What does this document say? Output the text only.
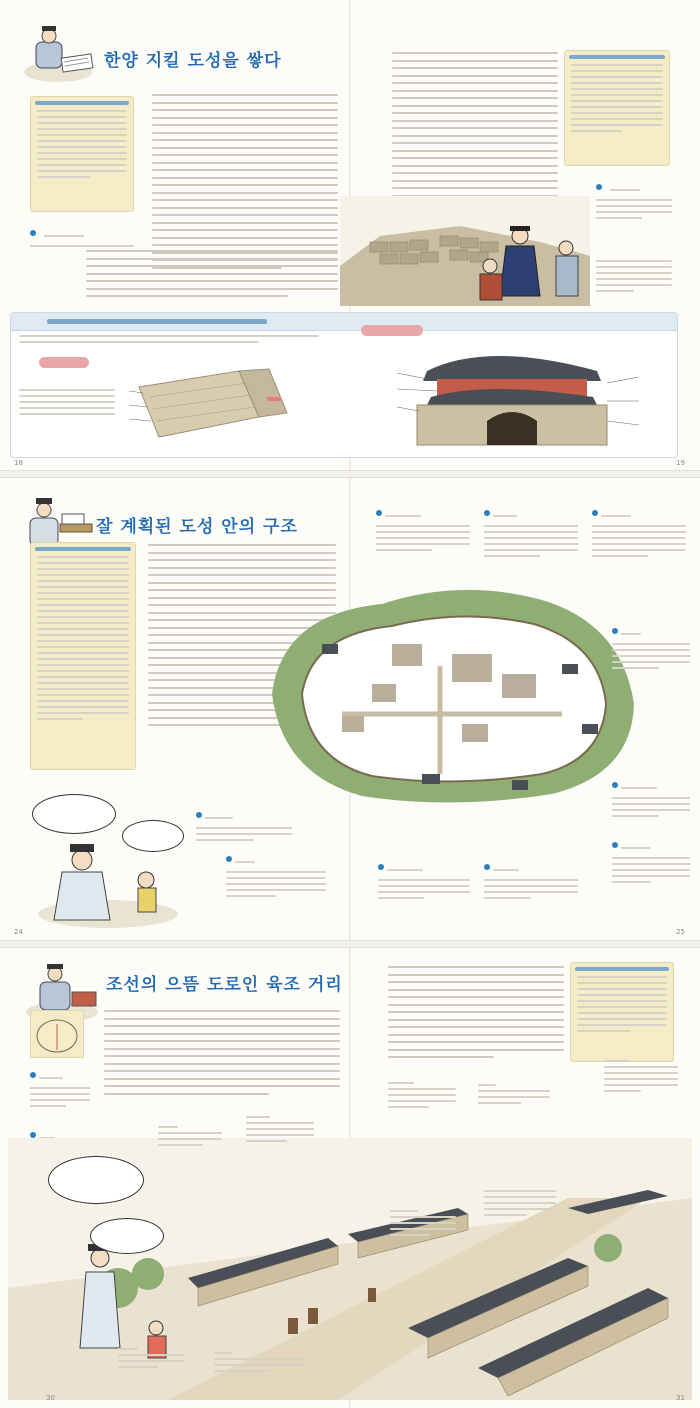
한양 지킬 도성을 쌓다

18	19
잘 계획된 도성 안의 구조
24	25
조선의 으뜸 도로인 육조 거리
30	31
